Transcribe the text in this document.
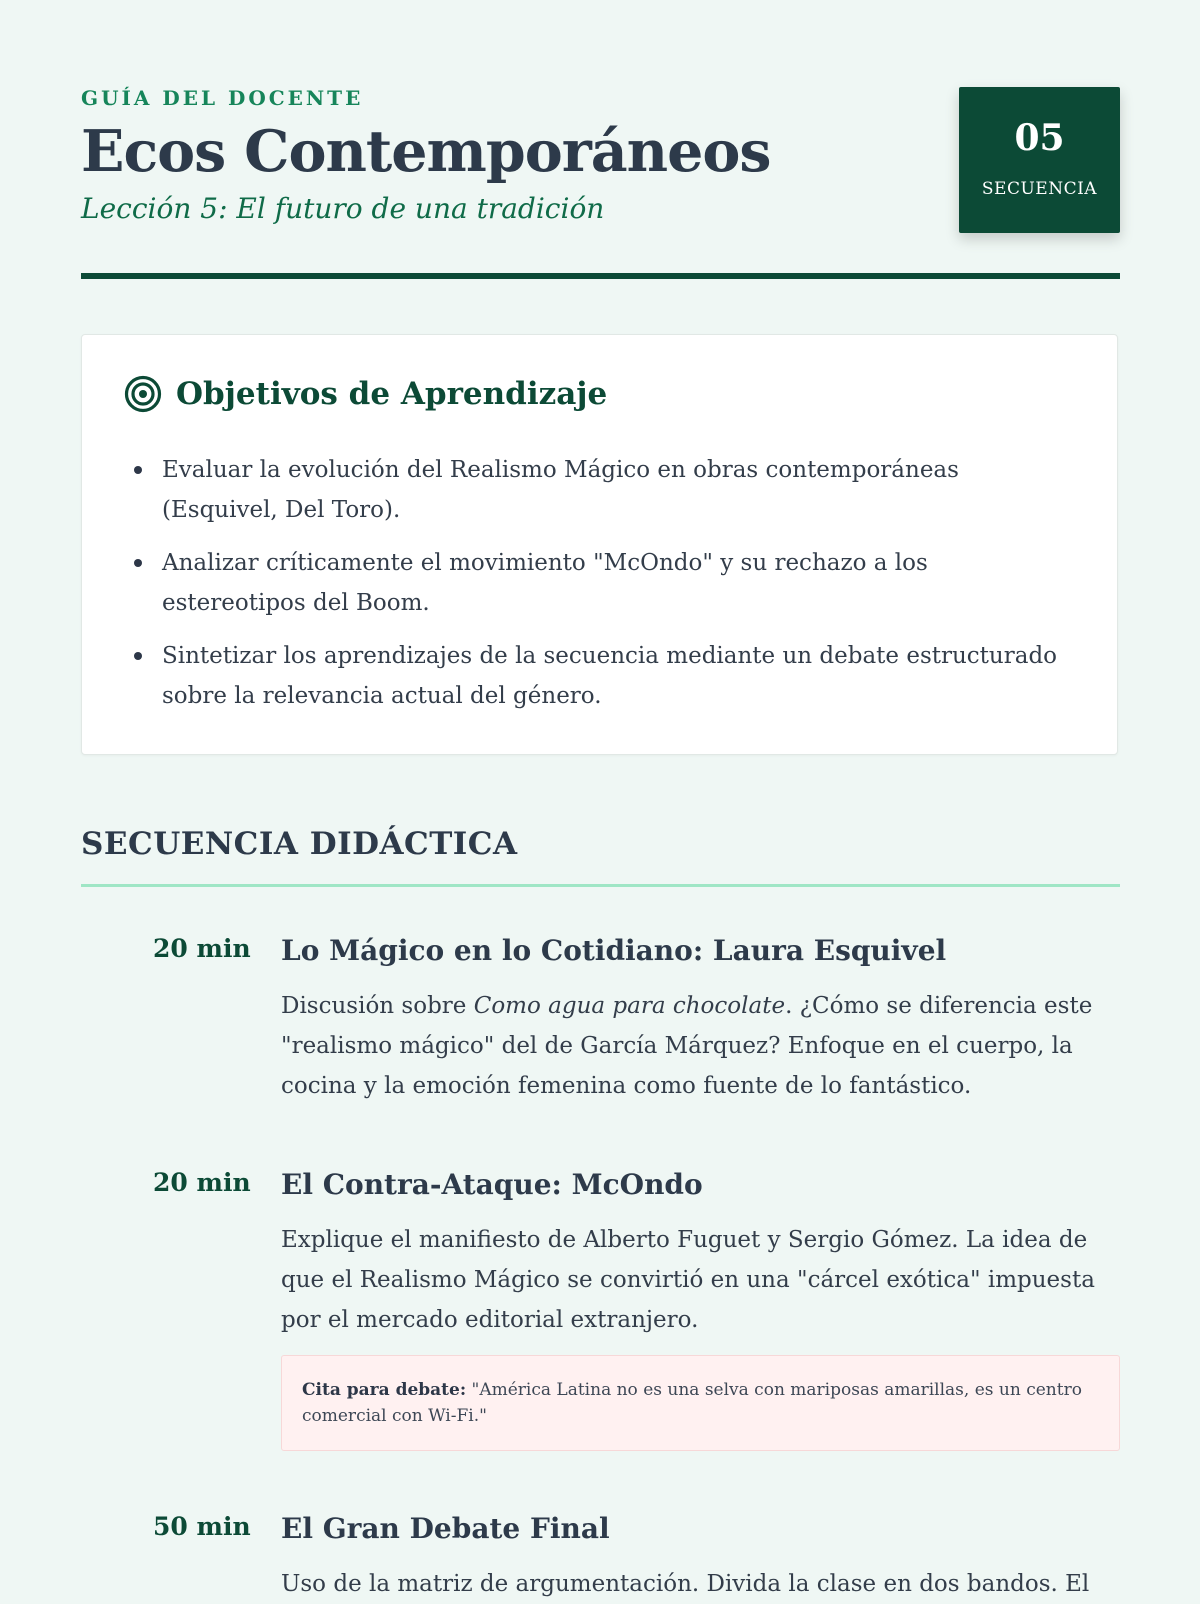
GUÍA DEL DOCENTE
Ecos Contemporáneos
Lección 5: El futuro de una tradición
05
SECUENCIA
Objetivos de Aprendizaje
Evaluar la evolución del Realismo Mágico en obras contemporáneas (Esquivel, Del Toro).
Analizar críticamente el movimiento "McOndo" y su rechazo a los estereotipos del Boom.
Sintetizar los aprendizajes de la secuencia mediante un debate estructurado sobre la relevancia actual del género.
SECUENCIA DIDÁCTICA
20 min Lo Mágico en lo Cotidiano: Laura Esquivel

Discusión sobre Como agua para chocolate. ¿Cómo se diferencia este "realismo mágico" del de García Márquez? Enfoque en el cuerpo, la cocina y la emoción femenina como fuente de lo fantástico.

20 min El Contra-Ataque: McOndo

Explique el manifiesto de Alberto Fuguet y Sergio Gómez. La idea de que el Realismo Mágico se convirtió en una "cárcel exótica" impuesta por el mercado editorial extranjero.

Cita para debate: "América Latina no es una selva con mariposas amarillas, es un centro comercial con Wi-Fi."
50 min El Gran Debate Final

Uso de la matriz de argumentación. Divida la clase en dos bandos. El
